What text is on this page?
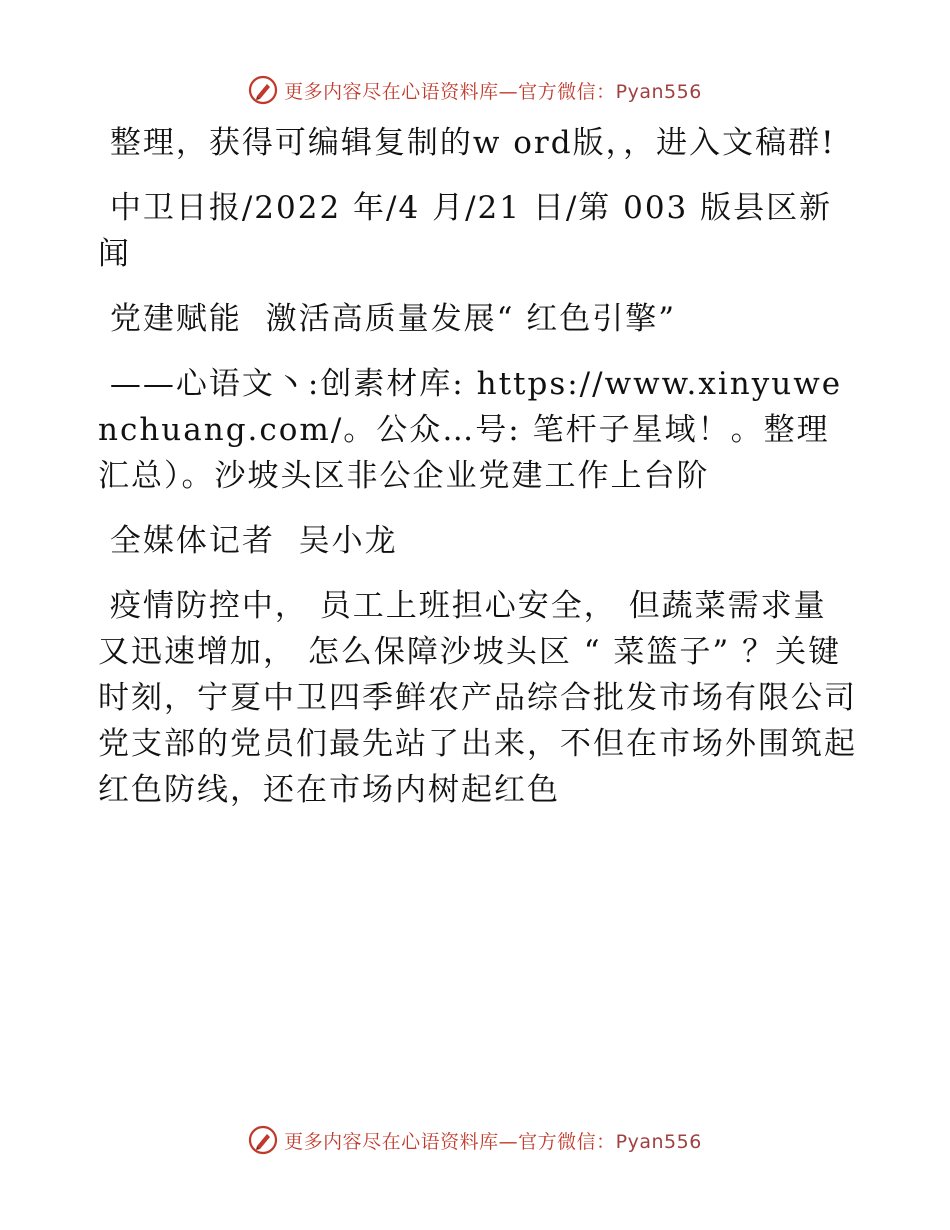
更多内容尽在心语资料库—官方微信：Pyan556

整理，获得可编辑复制的w ord版，，进入文稿群!

中卫日报/2022 年/4 月/21 日/第 003 版县区新闻

党建赋能  激活高质量发展“ 红色引擎”

——心语文丶:创素材库: https://www.xinyuwenchuang.com/。公众…号: 笔杆子星域！。整理汇总）。沙坡头区非公企业党建工作上台阶

全媒体记者  吴小龙

疫情防控中， 员工上班担心安全， 但蔬菜需求量又迅速增加， 怎么保障沙坡头区 “ 菜篮子” ？关键时刻，宁夏中卫四季鲜农产品综合批发市场有限公司党支部的党员们最先站了出来，不但在市场外围筑起红色防线，还在市场内树起红色

更多内容尽在心语资料库—官方微信：Pyan556
